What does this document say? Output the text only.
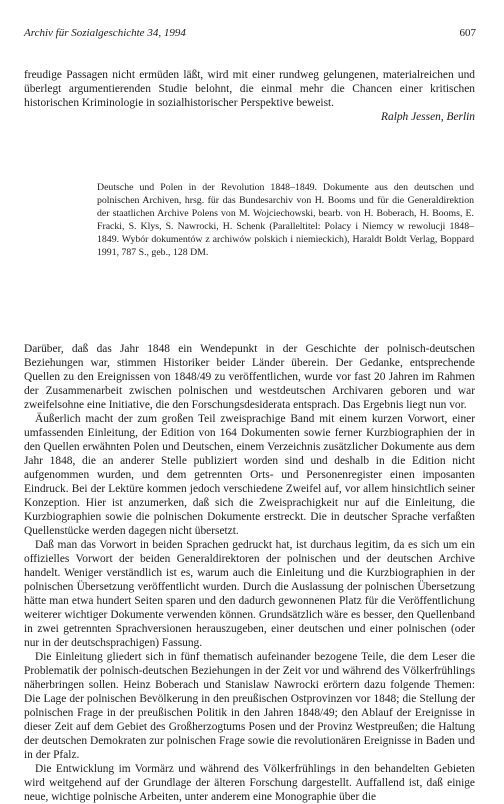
Archiv für Sozialgeschichte 34, 1994	607

freudige Passagen nicht ermüden läßt, wird mit einer rundweg gelungenen, materialreichen und überlegt argumentierenden Studie belohnt, die einmal mehr die Chancen einer kritischen historischen Kriminologie in sozialhistorischer Perspektive beweist.

Ralph Jessen, Berlin

Deutsche und Polen in der Revolution 1848–1849. Dokumente aus den deutschen und polnischen Archiven, hrsg. für das Bundesarchiv von H. Booms und für die Generaldirektion der staatlichen Archive Polens von M. Wojciechowski, bearb. von H. Boberach, H. Booms, E. Fracki, S. Klys, S. Nawrocki, H. Schenk (Paralleltitel: Polacy i Niemcy w rewolucji 1848–1849. Wybór dokumentów z archiwów polskich i niemieckich), Haraldt Boldt Verlag, Boppard 1991, 787 S., geb., 128 DM.

Darüber, daß das Jahr 1848 ein Wendepunkt in der Geschichte der polnisch-deutschen Beziehungen war, stimmen Historiker beider Länder überein. Der Gedanke, entsprechende Quellen zu den Ereignissen von 1848/49 zu veröffentlichen, wurde vor fast 20 Jahren im Rahmen der Zusammenarbeit zwischen polnischen und westdeutschen Archivaren geboren und war zweifelsohne eine Initiative, die den Forschungsdesiderata entsprach. Das Ergebnis liegt nun vor.

Äußerlich macht der zum großen Teil zweisprachige Band mit einem kurzen Vorwort, einer umfassenden Einleitung, der Edition von 164 Dokumenten sowie ferner Kurzbiographien der in den Quellen erwähnten Polen und Deutschen, einem Verzeichnis zusätzlicher Dokumente aus dem Jahr 1848, die an anderer Stelle publiziert worden sind und deshalb in die Edition nicht aufgenommen wurden, und dem getrennten Orts- und Personenregister einen imposanten Eindruck. Bei der Lektüre kommen jedoch verschiedene Zweifel auf, vor allem hinsichtlich seiner Konzeption. Hier ist anzumerken, daß sich die Zweisprachigkeit nur auf die Einleitung, die Kurzbiographien sowie die polnischen Dokumente erstreckt. Die in deutscher Sprache verfaßten Quellenstücke werden dagegen nicht übersetzt.

Daß man das Vorwort in beiden Sprachen gedruckt hat, ist durchaus legitim, da es sich um ein offizielles Vorwort der beiden Generaldirektoren der polnischen und der deutschen Archive handelt. Weniger verständlich ist es, warum auch die Einleitung und die Kurzbiographien in der polnischen Übersetzung veröffentlicht wurden. Durch die Auslassung der polnischen Übersetzung hätte man etwa hundert Seiten sparen und den dadurch gewonnenen Platz für die Veröffentlichung weiterer wichtiger Dokumente verwenden können. Grundsätzlich wäre es besser, den Quellenband in zwei getrennten Sprachversionen herauszugeben, einer deutschen und einer polnischen (oder nur in der deutschsprachigen) Fassung.

Die Einleitung gliedert sich in fünf thematisch aufeinander bezogene Teile, die dem Leser die Problematik der polnisch-deutschen Beziehungen in der Zeit vor und während des Völkerfrühlings näherbringen sollen. Heinz Boberach und Stanislaw Nawrocki erörtern dazu folgende Themen: Die Lage der polnischen Bevölkerung in den preußischen Ostprovinzen vor 1848; die Stellung der polnischen Frage in der preußischen Politik in den Jahren 1848/49; den Ablauf der Ereignisse in dieser Zeit auf dem Gebiet des Großherzogtums Posen und der Provinz Westpreußen; die Haltung der deutschen Demokraten zur polnischen Frage sowie die revolutionären Ereignisse in Baden und in der Pfalz.

Die Entwicklung im Vormärz und während des Völkerfrühlings in den behandelten Gebieten wird weitgehend auf der Grundlage der älteren Forschung dargestellt. Auffallend ist, daß einige neue, wichtige polnische Arbeiten, unter anderem eine Monographie über die
